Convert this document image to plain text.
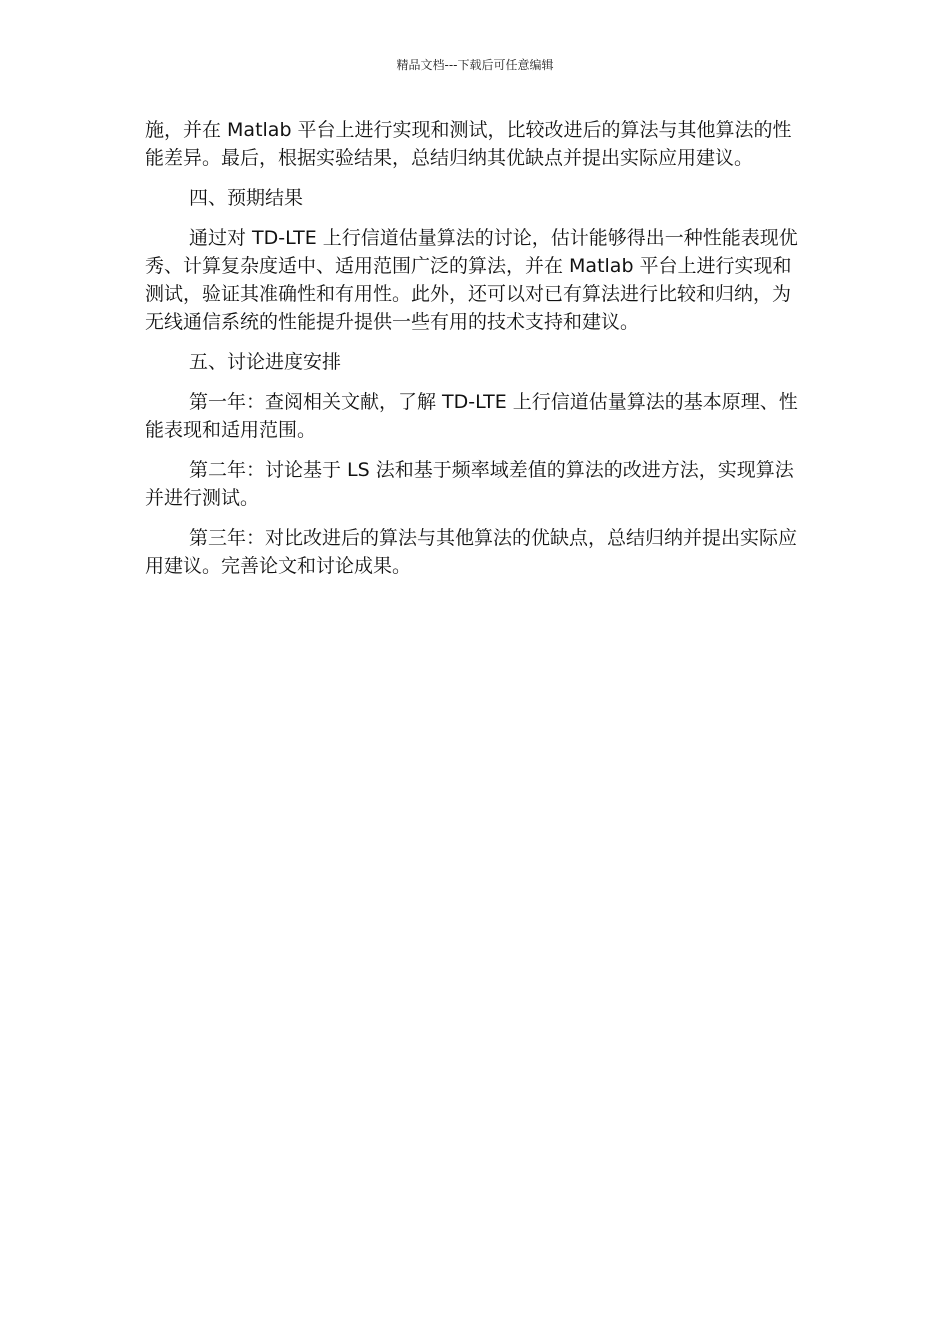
精品文档---下载后可任意编辑

施，并在 Matlab 平台上进行实现和测试，比较改进后的算法与其他算法的性能差异。最后，根据实验结果，总结归纳其优缺点并提出实际应用建议。

四、预期结果

通过对 TD-LTE 上行信道估量算法的讨论，估计能够得出一种性能表现优秀、计算复杂度适中、适用范围广泛的算法，并在 Matlab 平台上进行实现和测试，验证其准确性和有用性。此外，还可以对已有算法进行比较和归纳，为无线通信系统的性能提升提供一些有用的技术支持和建议。

五、讨论进度安排

第一年：查阅相关文献，了解 TD-LTE 上行信道估量算法的基本原理、性能表现和适用范围。

第二年：讨论基于 LS 法和基于频率域差值的算法的改进方法，实现算法并进行测试。

第三年：对比改进后的算法与其他算法的优缺点，总结归纳并提出实际应用建议。完善论文和讨论成果。
